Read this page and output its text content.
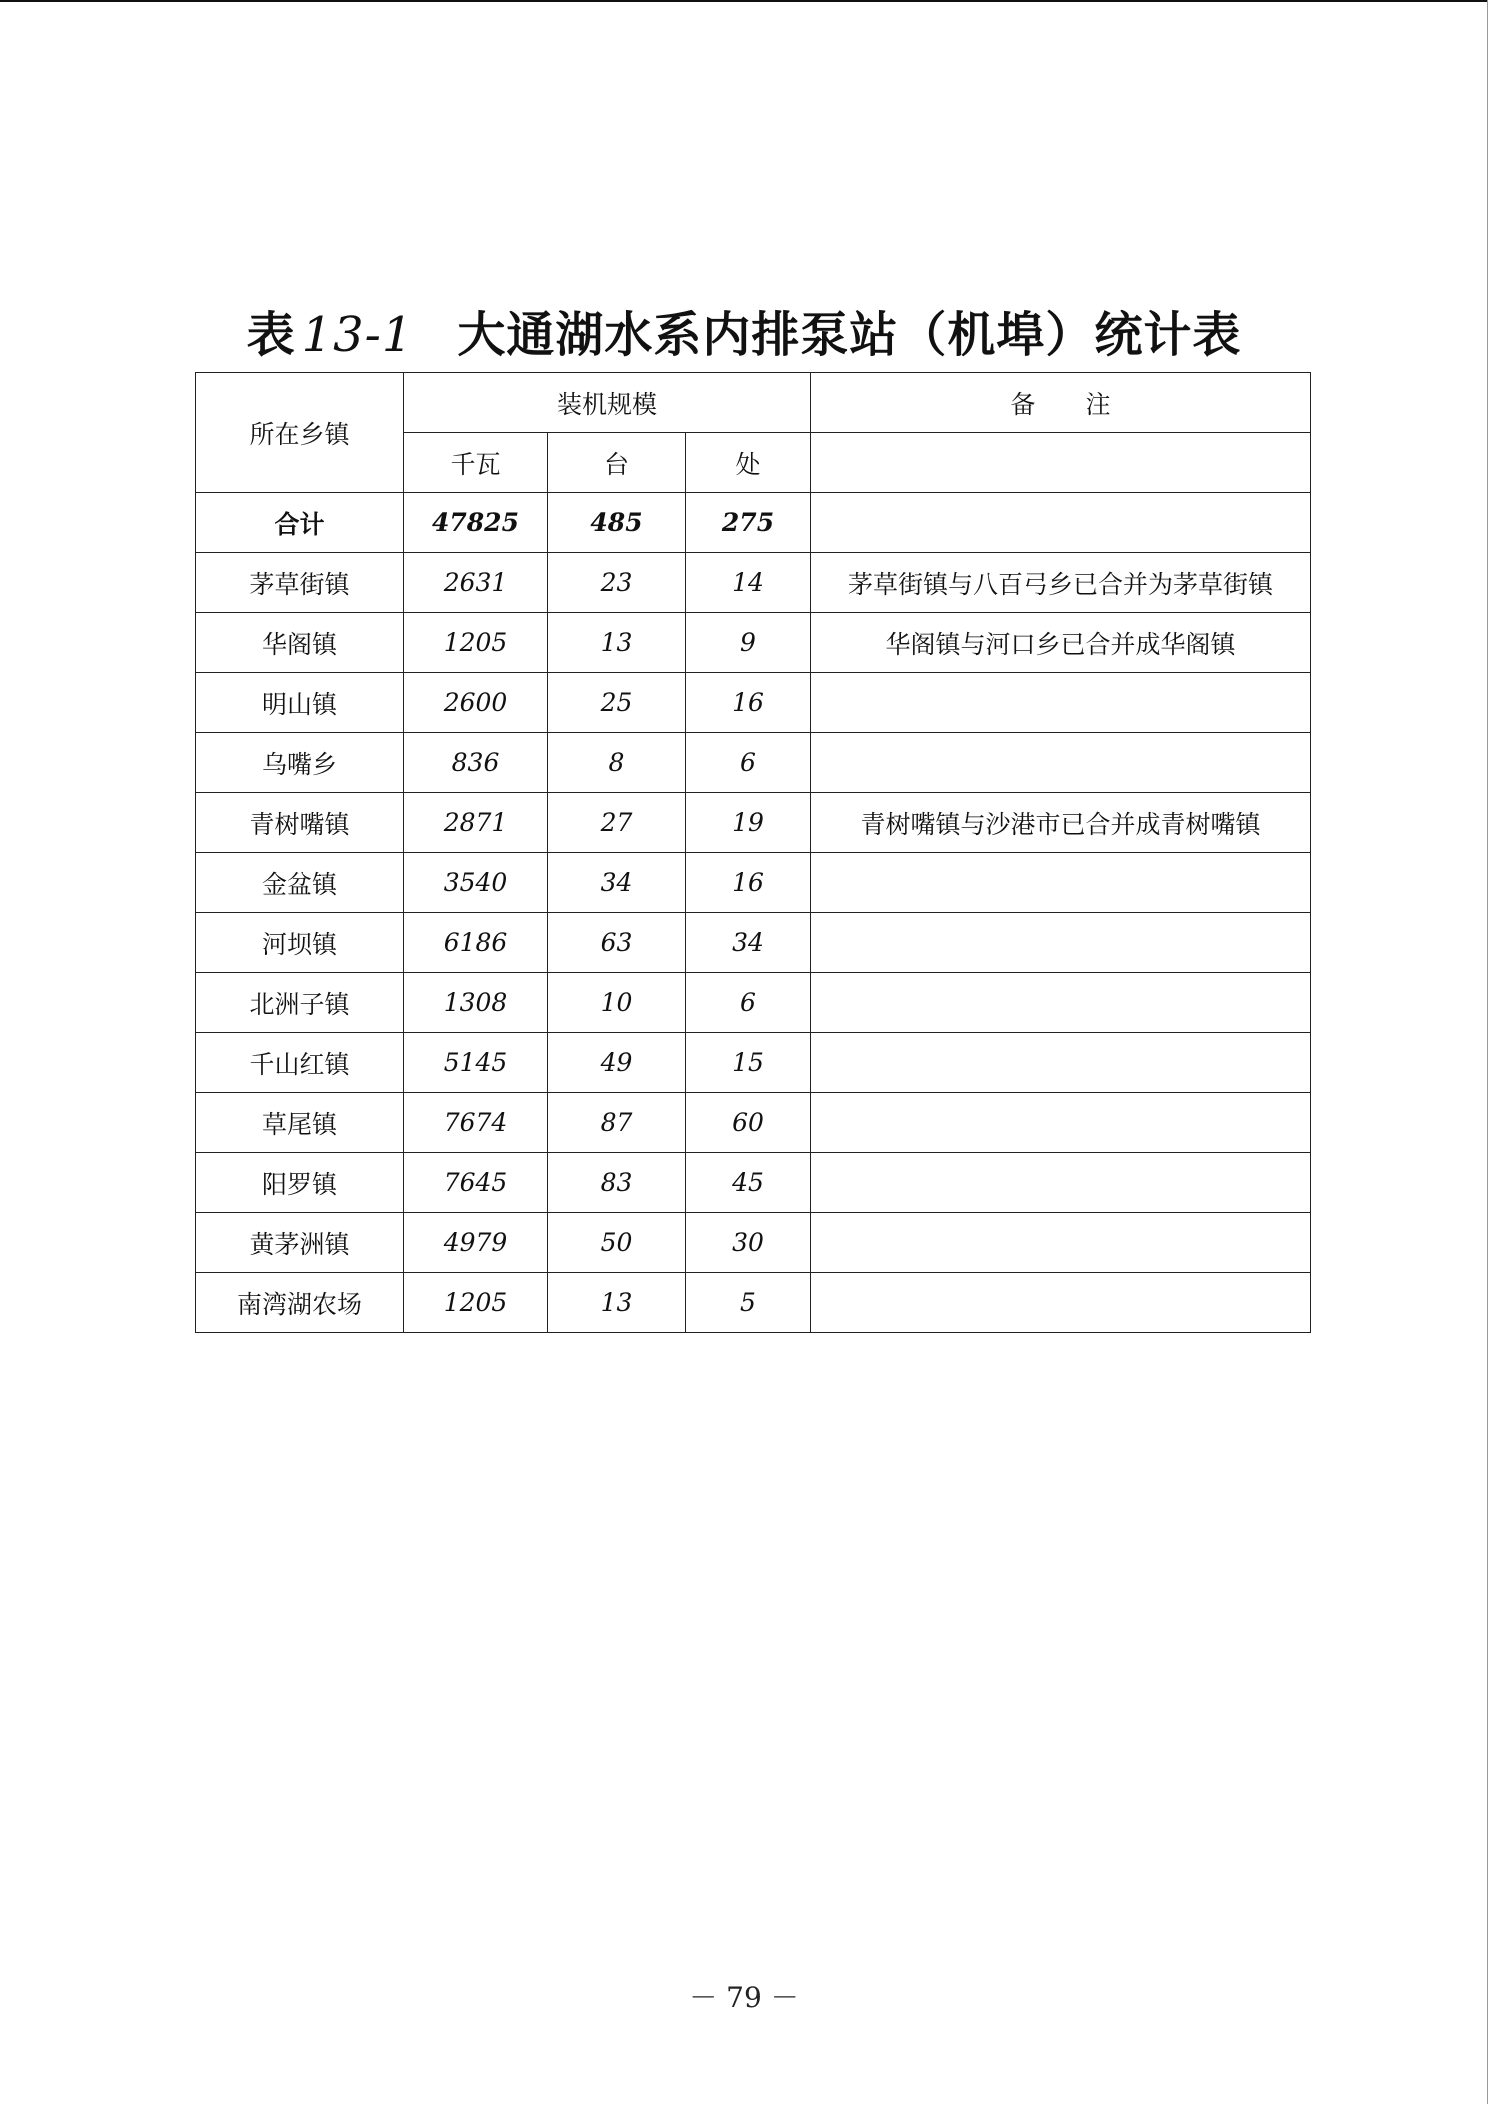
表 13-1 大通湖水系内排泵站（机埠）统计表
所在乡镇	装机规模			备　　注
	千瓦	台	处	
合计	47825	485	275	
茅草街镇	2631	23	14	茅草街镇与八百弓乡已合并为茅草街镇
华阁镇	1205	13	9	华阁镇与河口乡已合并成华阁镇
明山镇	2600	25	16	
乌嘴乡	836	8	6	
青树嘴镇	2871	27	19	青树嘴镇与沙港市已合并成青树嘴镇
金盆镇	3540	34	16	
河坝镇	6186	63	34	
北洲子镇	1308	10	6	
千山红镇	5145	49	15	
草尾镇	7674	87	60	
阳罗镇	7645	83	45	
黄茅洲镇	4979	50	30	
南湾湖农场	1205	13	5	
－ 79 －
